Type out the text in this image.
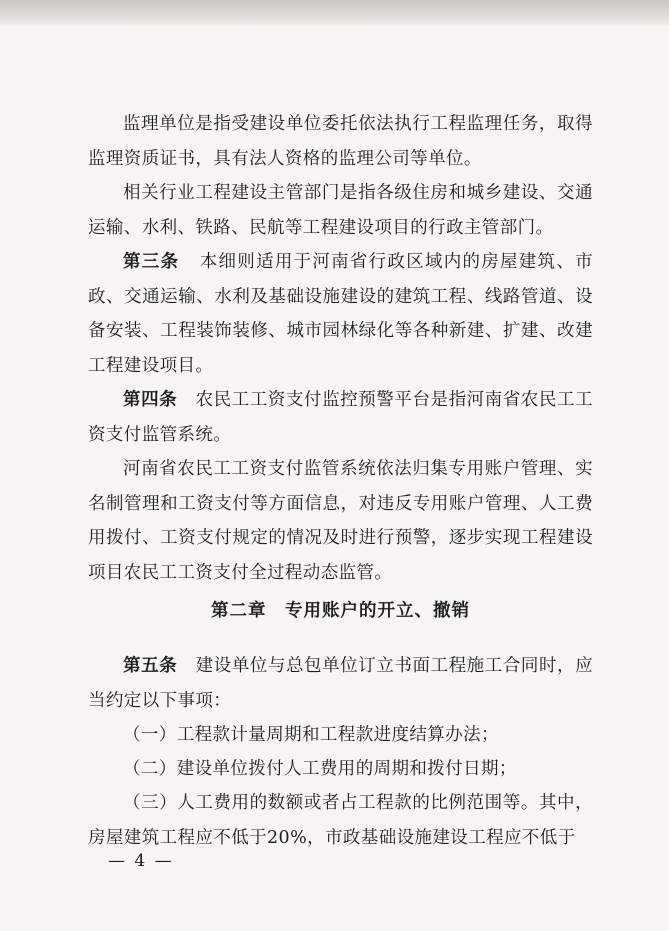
监理单位是指受建设单位委托依法执行工程监理任务，取得监理资质证书，具有法人资格的监理公司等单位。
相关行业工程建设主管部门是指各级住房和城乡建设、交通运输、水利、铁路、民航等工程建设项目的行政主管部门。
第三条 本细则适用于河南省行政区域内的房屋建筑、市政、交通运输、水利及基础设施建设的建筑工程、线路管道、设备安装、工程装饰装修、城市园林绿化等各种新建、扩建、改建工程建设项目。
第四条 农民工工资支付监控预警平台是指河南省农民工工资支付监管系统。
河南省农民工工资支付监管系统依法归集专用账户管理、实名制管理和工资支付等方面信息，对违反专用账户管理、人工费用拨付、工资支付规定的情况及时进行预警，逐步实现工程建设项目农民工工资支付全过程动态监管。
第二章　专用账户的开立、撤销
第五条 建设单位与总包单位订立书面工程施工合同时，应当约定以下事项：
（一）工程款计量周期和工程款进度结算办法；
（二）建设单位拨付人工费用的周期和拨付日期；
（三）人工费用的数额或者占工程款的比例范围等。其中，房屋建筑工程应不低于20%，市政基础设施建设工程应不低于
— 4 —
